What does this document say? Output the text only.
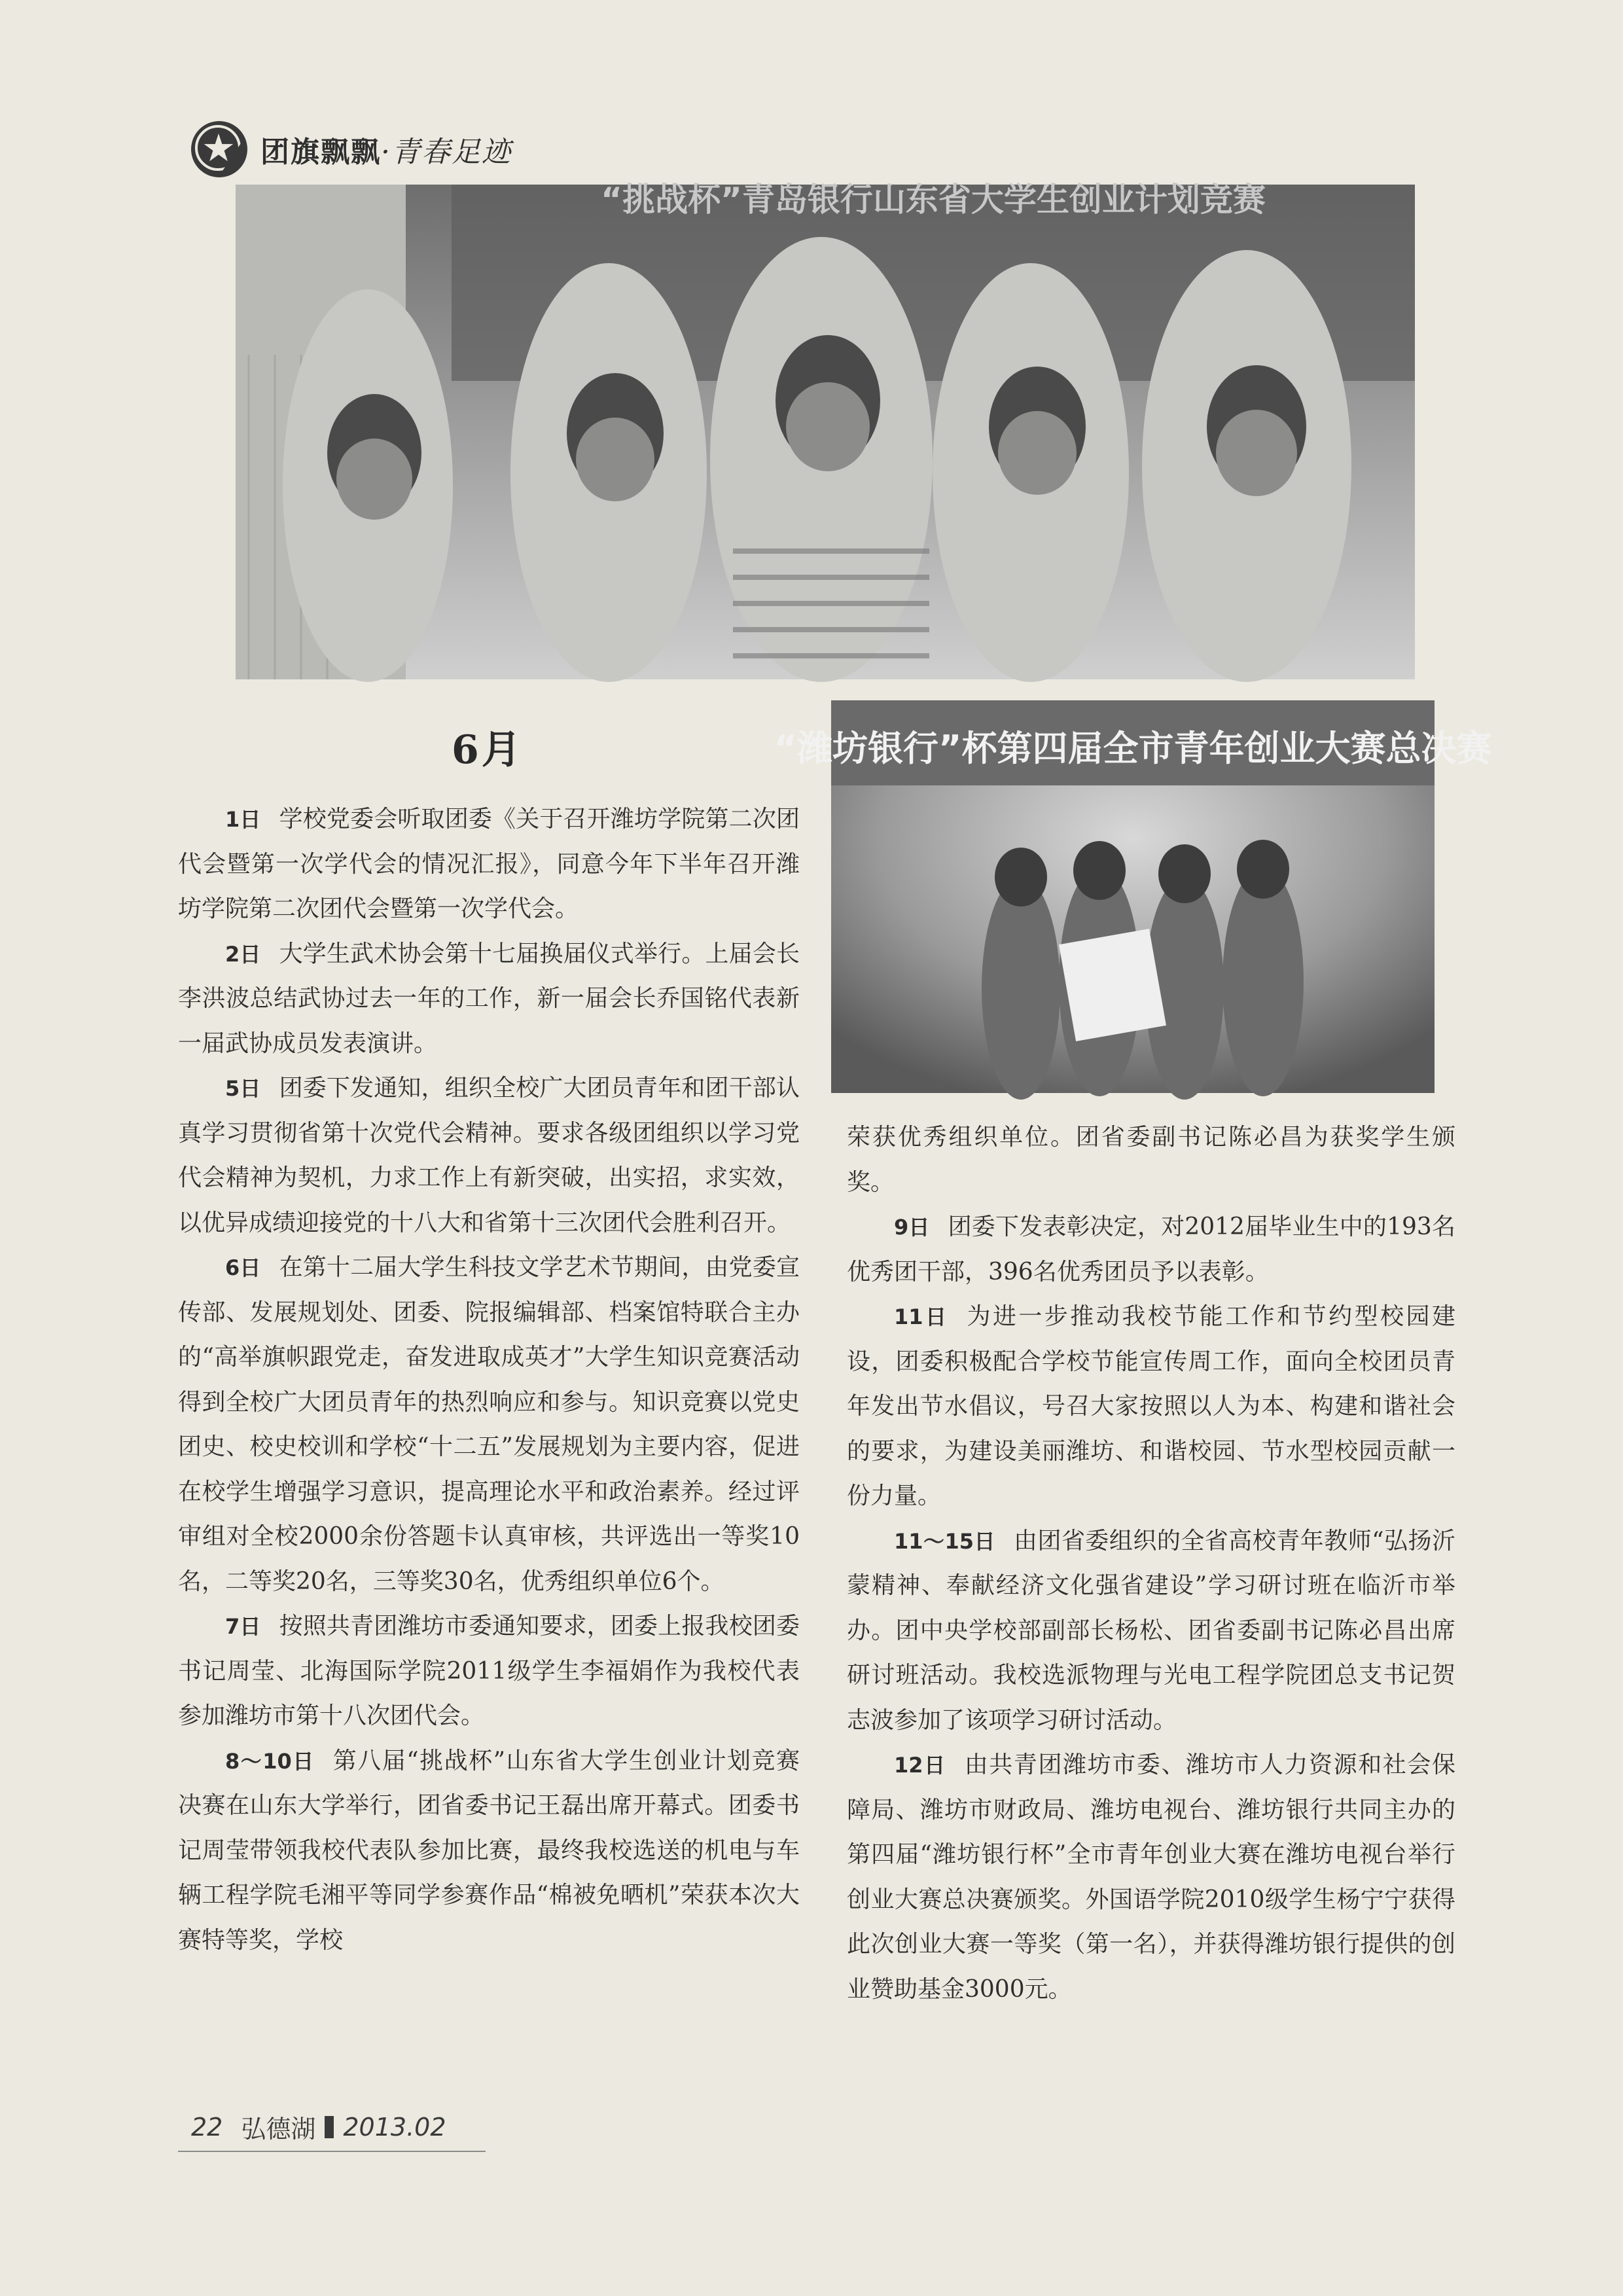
★ 团旗飘飘·青春足迹
“挑战杯”青岛银行山东省大学生创业计划竞赛
6月	“潍坊银行”杯第四届全市青年创业大赛总决赛

1日 学校党委会听取团委《关于召开潍坊学院第二次团代会暨第一次学代会的情况汇报》，同意今年下半年召开潍坊学院第二次团代会暨第一次学代会。

2日 大学生武术协会第十七届换届仪式举行。上届会长李洪波总结武协过去一年的工作，新一届会长乔国铭代表新一届武协成员发表演讲。

5日 团委下发通知，组织全校广大团员青年和团干部认真学习贯彻省第十次党代会精神。要求各级团组织以学习党代会精神为契机，力求工作上有新突破，出实招，求实效，以优异成绩迎接党的十八大和省第十三次团代会胜利召开。

6日 在第十二届大学生科技文学艺术节期间，由党委宣传部、发展规划处、团委、院报编辑部、档案馆特联合主办的“高举旗帜跟党走，奋发进取成英才”大学生知识竞赛活动得到全校广大团员青年的热烈响应和参与。知识竞赛以党史团史、校史校训和学校“十二五”发展规划为主要内容，促进在校学生增强学习意识，提高理论水平和政治素养。经过评审组对全校2000余份答题卡认真审核，共评选出一等奖10名，二等奖20名，三等奖30名，优秀组织单位6个。

7日 按照共青团潍坊市委通知要求，团委上报我校团委书记周莹、北海国际学院2011级学生李福娟作为我校代表参加潍坊市第十八次团代会。

8～10日 第八届“挑战杯”山东省大学生创业计划竞赛决赛在山东大学举行，团省委书记王磊出席开幕式。团委书记周莹带领我校代表队参加比赛，最终我校选送的机电与车辆工程学院毛湘平等同学参赛作品“棉被免晒机”荣获本次大赛特等奖，学校

荣获优秀组织单位。团省委副书记陈必昌为获奖学生颁奖。

9日 团委下发表彰决定，对2012届毕业生中的193名优秀团干部，396名优秀团员予以表彰。

11日 为进一步推动我校节能工作和节约型校园建设，团委积极配合学校节能宣传周工作，面向全校团员青年发出节水倡议，号召大家按照以人为本、构建和谐社会的要求，为建设美丽潍坊、和谐校园、节水型校园贡献一份力量。

11～15日 由团省委组织的全省高校青年教师“弘扬沂蒙精神、奉献经济文化强省建设”学习研讨班在临沂市举办。团中央学校部副部长杨松、团省委副书记陈必昌出席研讨班活动。我校选派物理与光电工程学院团总支书记贺志波参加了该项学习研讨活动。

12日 由共青团潍坊市委、潍坊市人力资源和社会保障局、潍坊市财政局、潍坊电视台、潍坊银行共同主办的第四届“潍坊银行杯”全市青年创业大赛在潍坊电视台举行创业大赛总决赛颁奖。外国语学院2010级学生杨宁宁获得此次创业大赛一等奖（第一名），并获得潍坊银行提供的创业赞助基金3000元。

22 弘德湖 2013.02
